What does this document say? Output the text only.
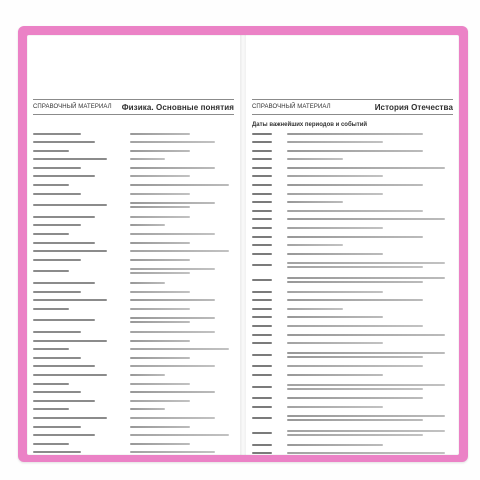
СПРАВОЧНЫЙ МАТЕРИАЛ Физика. Основные понятия	СПРАВОЧНЫЙ МАТЕРИАЛ	История Отечества
Даты важнейших периодов и событий
